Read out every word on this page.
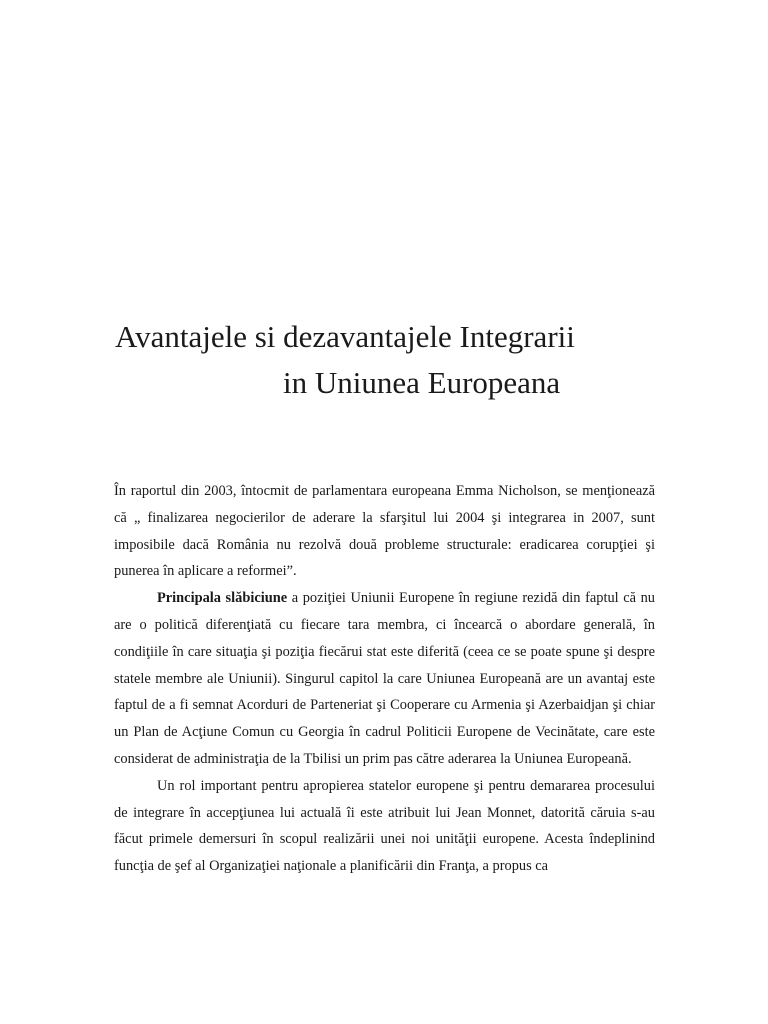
Avantajele si dezavantajele Integrarii
in Uniunea Europeana

În raportul din 2003, întocmit de parlamentara europeana Emma Nicholson, se menţionează că „ finalizarea negocierilor de aderare la sfarşitul lui 2004 şi integrarea in 2007, sunt imposibile dacă România nu rezolvă două probleme structurale: eradicarea corupţiei şi punerea în aplicare a reformei”.

Principala slăbiciune a poziţiei Uniunii Europene în regiune rezidă din faptul că nu are o politică diferenţiată cu fiecare tara membra, ci încearcă o abordare generală, în condiţiile în care situaţia şi poziţia fiecărui stat este diferită (ceea ce se poate spune şi despre statele membre ale Uniunii). Singurul capitol la care Uniunea Europeană are un avantaj este faptul de a fi semnat Acorduri de Parteneriat şi Cooperare cu Armenia şi Azerbaidjan şi chiar un Plan de Acţiune Comun cu Georgia în cadrul Politicii Europene de Vecinătate, care este considerat de administraţia de la Tbilisi un prim pas către aderarea la Uniunea Europeană.

Un rol important pentru apropierea statelor europene şi pentru demararea procesului de integrare în accepţiunea lui actuală îi este atribuit lui Jean Monnet, datorită căruia s-au făcut primele demersuri în scopul realizării unei noi unităţii europene. Acesta îndeplinind funcţia de şef al Organizaţiei naţionale a planificării din Franţa, a propus ca
